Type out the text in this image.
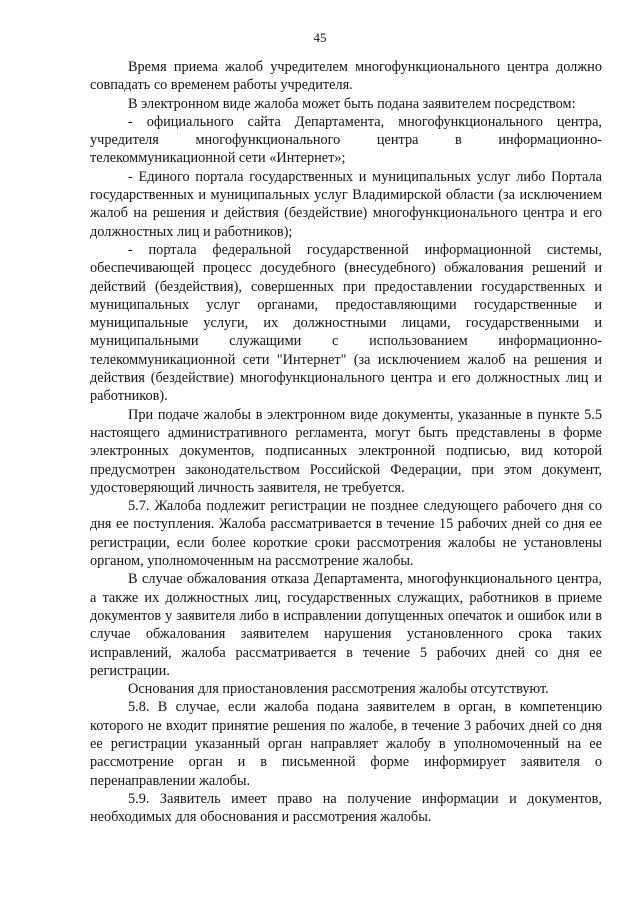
45

Время приема жалоб учредителем многофункционального центра должно совпадать со временем работы учредителя.

В электронном виде жалоба может быть подана заявителем посредством:

- официального сайта Департамента, многофункционального центра, учредителя многофункционального центра в информационно-телекоммуникационной сети «Интернет»;

- Единого портала государственных и муниципальных услуг либо Портала государственных и муниципальных услуг Владимирской области (за исключением жалоб на решения и действия (бездействие) многофункционального центра и его должностных лиц и работников);

- портала федеральной государственной информационной системы, обеспечивающей процесс досудебного (внесудебного) обжалования решений и действий (бездействия), совершенных при предоставлении государственных и муниципальных услуг органами, предоставляющими государственные и муниципальные услуги, их должностными лицами, государственными и муниципальными служащими с использованием информационно-телекоммуникационной сети "Интернет" (за исключением жалоб на решения и действия (бездействие) многофункционального центра и его должностных лиц и работников).

При подаче жалобы в электронном виде документы, указанные в пункте 5.5 настоящего административного регламента, могут быть представлены в форме электронных документов, подписанных электронной подписью, вид которой предусмотрен законодательством Российской Федерации, при этом документ, удостоверяющий личность заявителя, не требуется.

5.7. Жалоба подлежит регистрации не позднее следующего рабочего дня со дня ее поступления. Жалоба рассматривается в течение 15 рабочих дней со дня ее регистрации, если более короткие сроки рассмотрения жалобы не установлены органом, уполномоченным на рассмотрение жалобы.

В случае обжалования отказа Департамента, многофункционального центра, а также их должностных лиц, государственных служащих, работников в приеме документов у заявителя либо в исправлении допущенных опечаток и ошибок или в случае обжалования заявителем нарушения установленного срока таких исправлений, жалоба рассматривается в течение 5 рабочих дней со дня ее регистрации.

Основания для приостановления рассмотрения жалобы отсутствуют.

5.8. В случае, если жалоба подана заявителем в орган, в компетенцию которого не входит принятие решения по жалобе, в течение 3 рабочих дней со дня ее регистрации указанный орган направляет жалобу в уполномоченный на ее рассмотрение орган и в письменной форме информирует заявителя о перенаправлении жалобы.

5.9. Заявитель имеет право на получение информации и документов, необходимых для обоснования и рассмотрения жалобы.
